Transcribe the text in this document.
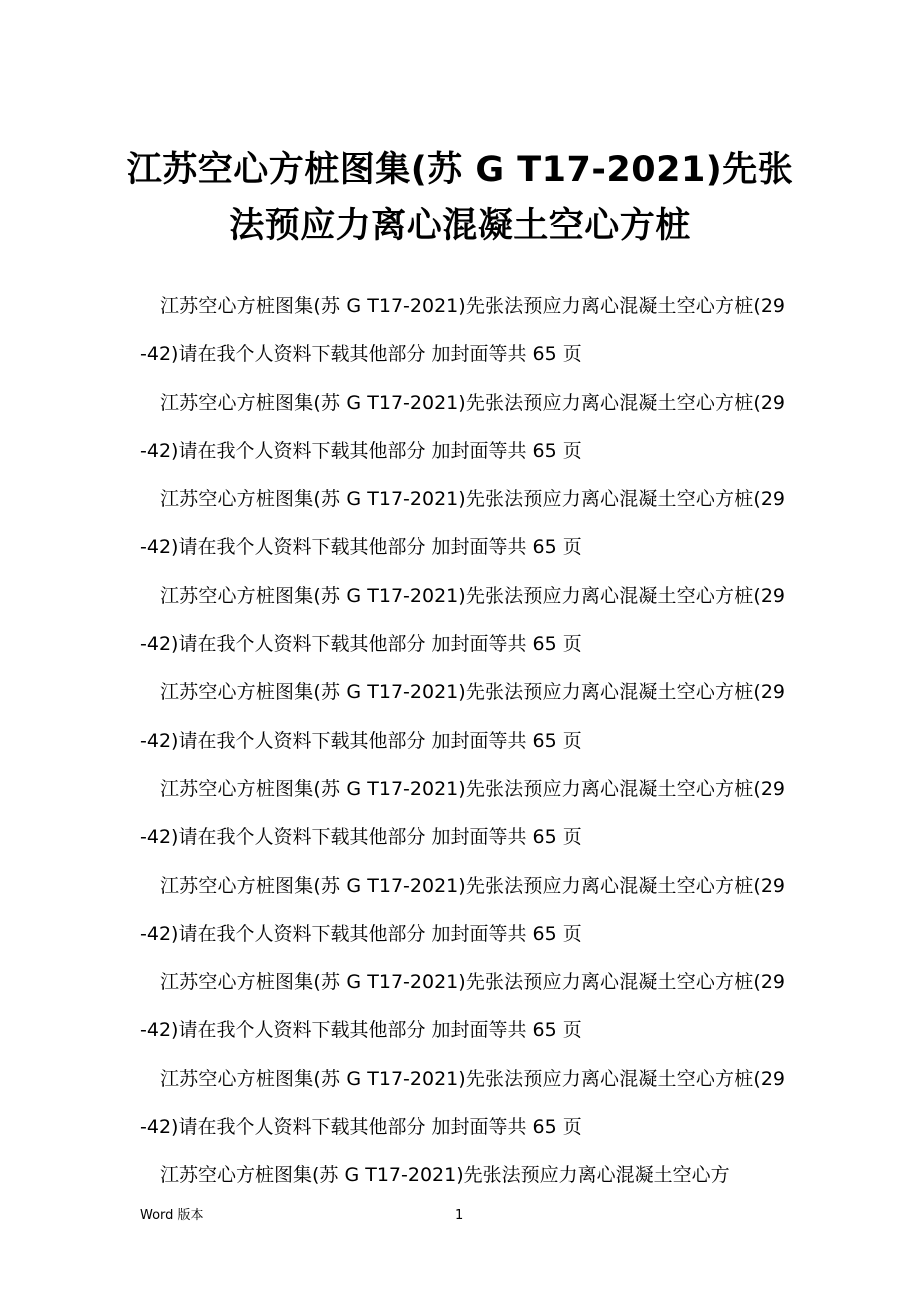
江苏空心方桩图集(苏 G T17-2021)先张法预应力离心混凝土空心方桩

江苏空心方桩图集(苏 G T17-2021)先张法预应力离心混凝土空心方桩(29-42)请在我个人资料下载其他部分 加封面等共 65 页

江苏空心方桩图集(苏 G T17-2021)先张法预应力离心混凝土空心方桩(29-42)请在我个人资料下载其他部分 加封面等共 65 页

江苏空心方桩图集(苏 G T17-2021)先张法预应力离心混凝土空心方桩(29-42)请在我个人资料下载其他部分 加封面等共 65 页

江苏空心方桩图集(苏 G T17-2021)先张法预应力离心混凝土空心方桩(29-42)请在我个人资料下载其他部分 加封面等共 65 页

江苏空心方桩图集(苏 G T17-2021)先张法预应力离心混凝土空心方桩(29-42)请在我个人资料下载其他部分 加封面等共 65 页

江苏空心方桩图集(苏 G T17-2021)先张法预应力离心混凝土空心方桩(29-42)请在我个人资料下载其他部分 加封面等共 65 页

江苏空心方桩图集(苏 G T17-2021)先张法预应力离心混凝土空心方桩(29-42)请在我个人资料下载其他部分 加封面等共 65 页

江苏空心方桩图集(苏 G T17-2021)先张法预应力离心混凝土空心方桩(29-42)请在我个人资料下载其他部分 加封面等共 65 页

江苏空心方桩图集(苏 G T17-2021)先张法预应力离心混凝土空心方桩(29-42)请在我个人资料下载其他部分 加封面等共 65 页

江苏空心方桩图集(苏 G T17-2021)先张法预应力离心混凝土空心方

Word 版本	1
